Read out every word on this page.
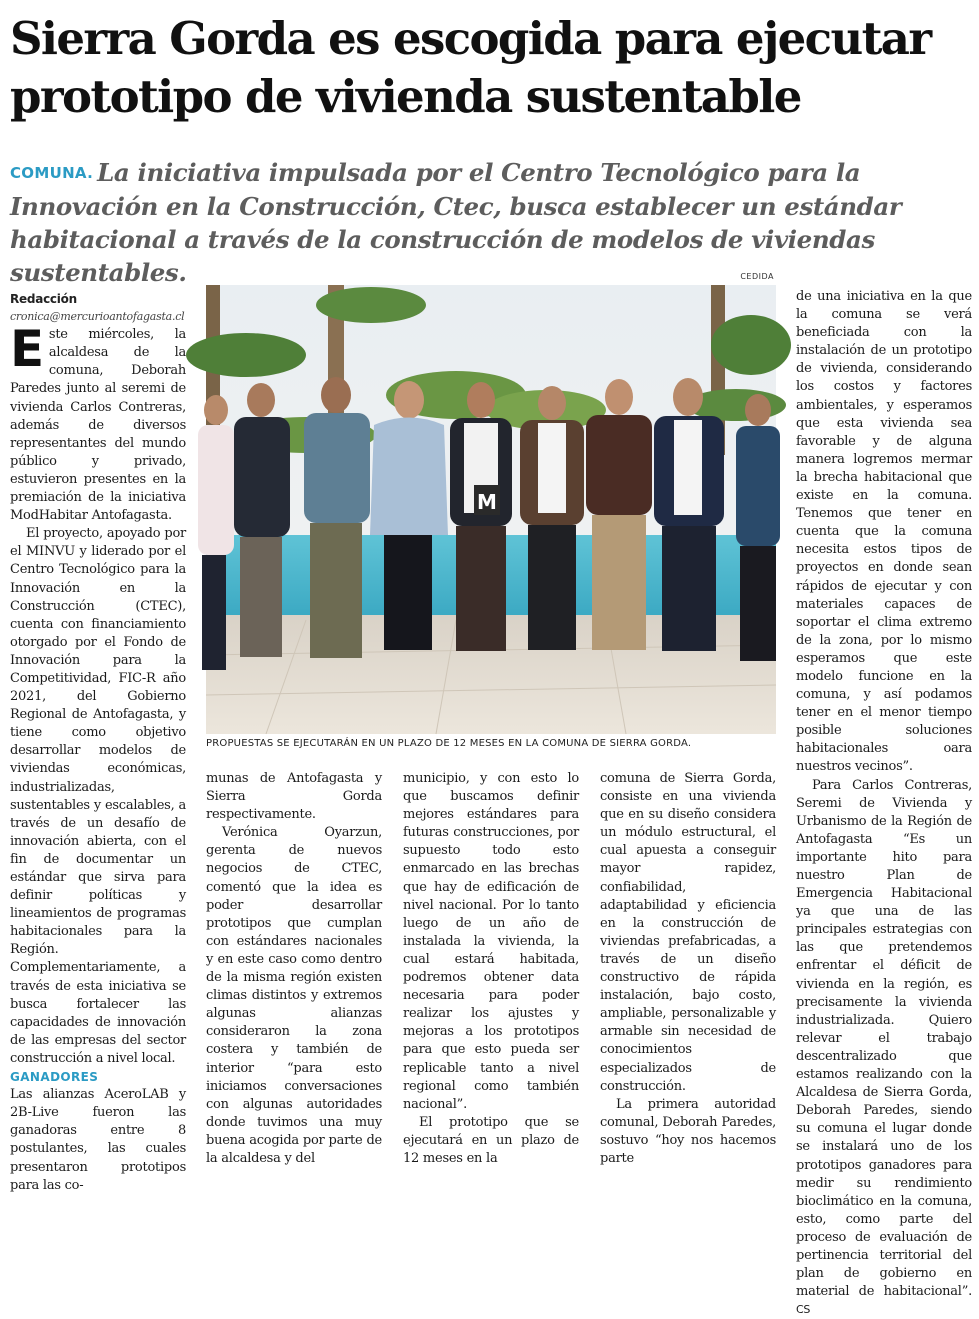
Sierra Gorda es escogida para ejecutar prototipo de vivienda sustentable
COMUNA. La iniciativa impulsada por el Centro Tecnológico para la Innovación en la Construcción, Ctec, busca establecer un estándar habitacional a través de la construcción de modelos de viviendas sustentables.

Redacción

cronica@mercurioantofagasta.cl

Este miércoles, la alcaldesa de la comuna, Deborah Paredes junto al seremi de vivienda Carlos Contreras, además de diversos representantes del mundo público y privado, estuvieron presentes en la premiación de la iniciativa ModHabitar Antofagasta.

El proyecto, apoyado por el MINVU y liderado por el Centro Tecnológico para la Innovación en la Construcción (CTEC), cuenta con financiamiento otorgado por el Fondo de Innovación para la Competitividad, FIC-R año 2021, del Gobierno Regional de Antofagasta, y tiene como objetivo desarrollar modelos de viviendas económicas, industrializadas, sustentables y escalables, a través de un desafío de innovación abierta, con el fin de documentar un estándar que sirva para definir políticas y lineamientos de programas habitacionales para la Región. Complementariamente, a través de esta iniciativa se busca fortalecer las capacidades de innovación de las empresas del sector construcción a nivel local.

GANADORES

Las alianzas AceroLAB y 2B-Live fueron las ganadoras entre 8 postulantes, las cuales presentaron prototipos para las co-

CEDIDA
M
PROPUESTAS SE EJECUTARÁN EN UN PLAZO DE 12 MESES EN LA COMUNA DE SIERRA GORDA.

munas de Antofagasta y Sierra Gorda respectivamente.

Verónica Oyarzun, gerenta de nuevos negocios de CTEC, comentó que la idea es poder desarrollar prototipos que cumplan con estándares nacionales y en este caso como dentro de la misma región existen climas distintos y extremos algunas alianzas consideraron la zona costera y también de interior “para esto iniciamos conversaciones con algunas autoridades donde tuvimos una muy buena acogida por parte de la alcaldesa y del

municipio, y con esto lo que buscamos definir mejores estándares para futuras construcciones, por supuesto todo esto enmarcado en las brechas que hay de edificación de nivel nacional. Por lo tanto luego de un año de instalada la vivienda, la cual estará habitada, podremos obtener data necesaria para poder realizar los ajustes y mejoras a los prototipos para que esto pueda ser replicable tanto a nivel regional como también nacional”.

El prototipo que se ejecutará en un plazo de 12 meses en la

comuna de Sierra Gorda, consiste en una vivienda que en su diseño considera un módulo estructural, el cual apuesta a conseguir mayor rapidez, confiabilidad, adaptabilidad y eficiencia en la construcción de viviendas prefabricadas, a través de un diseño constructivo de rápida instalación, bajo costo, ampliable, personalizable y armable sin necesidad de conocimientos especializados de construcción.

La primera autoridad comunal, Deborah Paredes, sostuvo “hoy nos hacemos parte

de una iniciativa en la que la comuna se verá beneficiada con la instalación de un prototipo de vivienda, considerando los costos y factores ambientales, y esperamos que esta vivienda sea favorable y de alguna manera logremos mermar la brecha habitacional que existe en la comuna. Tenemos que tener en cuenta que la comuna necesita estos tipos de proyectos en donde sean rápidos de ejecutar y con materiales capaces de soportar el clima extremo de la zona, por lo mismo esperamos que este modelo funcione en la comuna, y así podamos tener en el menor tiempo posible soluciones habitacionales oara nuestros vecinos”.

Para Carlos Contreras, Seremi de Vivienda y Urbanismo de la Región de Antofagasta “Es un importante hito para nuestro Plan de Emergencia Habitacional ya que una de las principales estrategias con las que pretendemos enfrentar el déficit de vivienda en la región, es precisamente la vivienda industrializada. Quiero relevar el trabajo descentralizado que estamos realizando con la Alcaldesa de Sierra Gorda, Deborah Paredes, siendo su comuna el lugar donde se instalará uno de los prototipos ganadores para medir su rendimiento bioclimático en la comuna, esto, como parte del proceso de evaluación de pertinencia territorial del plan de gobierno en material de habitacional”. CS
